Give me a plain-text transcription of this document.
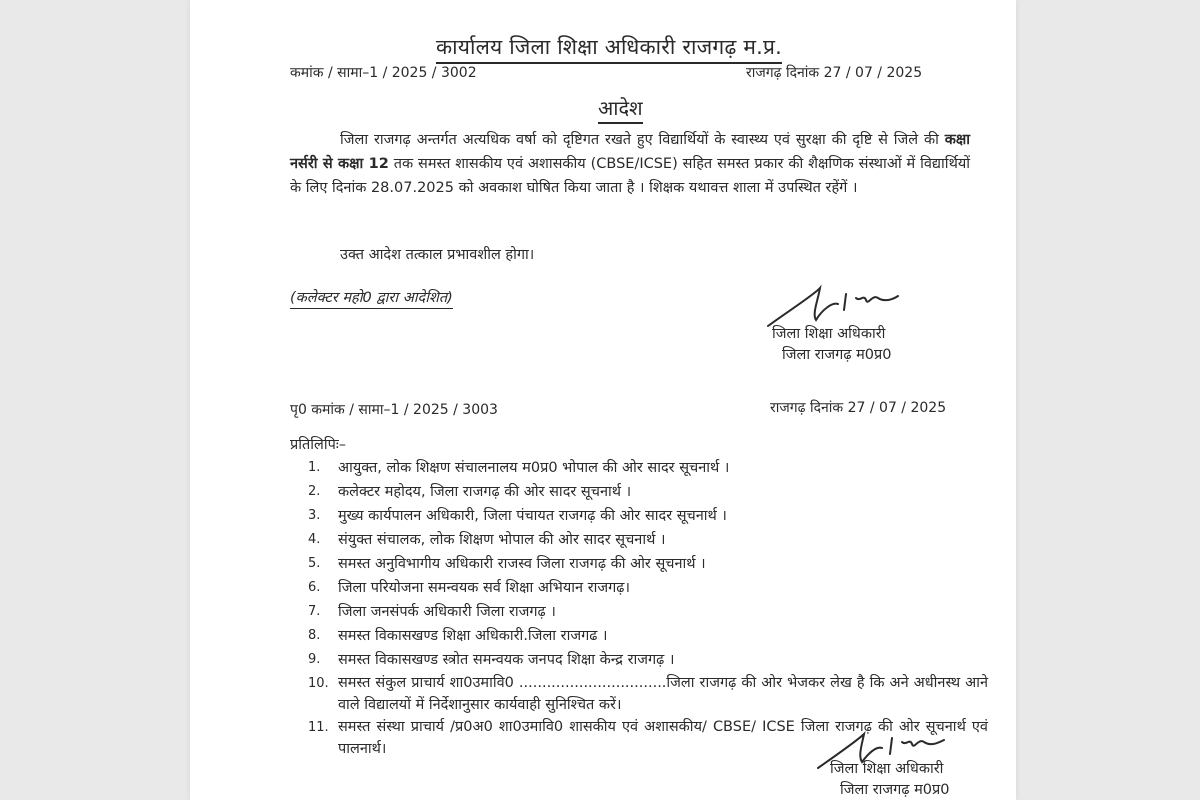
कार्यालय जिला शिक्षा अधिकारी राजगढ़ म.प्र.
कमांक / सामा–1 / 2025 / 3002	राजगढ़ दिनांक 27 / 07 / 2025
आदेश
जिला राजगढ़ अन्तर्गत अत्यधिक वर्षा को दृष्टिगत रखते हुए विद्यार्थियों के स्वास्थ्य एवं सुरक्षा की दृष्टि से जिले की कक्षा नर्सरी से कक्षा 12 तक समस्त शासकीय एवं अशासकीय (CBSE/ICSE) सहित समस्त प्रकार की शैक्षणिक संस्थाओं में विद्यार्थियों के लिए दिनांक 28.07.2025 को अवकाश घोषित किया जाता है । शिक्षक यथावत्त शाला में उपस्थित रहेंगें ।
उक्त आदेश तत्काल प्रभावशील होगा।
(कलेक्टर महो0 द्वारा आदेशित)
जिला शिक्षा अधिकारी
जिला राजगढ़ म0प्र0
पृ0 कमांक / सामा–1 / 2025 / 3003	राजगढ़ दिनांक 27 / 07 / 2025
प्रतिलिपिः–
1.	आयुक्त, लोक शिक्षण संचालनालय म0प्र0 भोपाल की ओर सादर सूचनार्थ ।
2.	कलेक्टर महोदय, जिला राजगढ़ की ओर सादर सूचनार्थ ।
3.	मुख्य कार्यपालन अधिकारी, जिला पंचायत राजगढ़ की ओर सादर सूचनार्थ ।
4.	संयुक्त संचालक, लोक शिक्षण भोपाल की ओर सादर सूचनार्थ ।
5.	समस्त अनुविभागीय अधिकारी राजस्व जिला राजगढ़ की ओर सूचनार्थ ।
6.	जिला परियोजना समन्वयक सर्व शिक्षा अभियान राजगढ़।
7.	जिला जनसंपर्क अधिकारी जिला राजगढ़ ।
8.	समस्त विकासखण्ड शिक्षा अधिकारी.जिला राजगढ ।
9.	समस्त विकासखण्ड स्त्रोत समन्वयक जनपद शिक्षा केन्द्र राजगढ़ ।
10. समस्त संकुल प्राचार्य शा0उमावि0 ................................जिला राजगढ़ की ओर भेजकर लेख है कि अने अधीनस्थ आने वाले विद्यालयों में निर्देशानुसार कार्यवाही सुनिश्चित करें।
11. समस्त संस्था प्राचार्य /प्र0अ0 शा0उमावि0 शासकीय एवं अशासकीय/ CBSE/ ICSE जिला राजगढ़ की ओर सूचनार्थ एवं पालनार्थ।
जिला शिक्षा अधिकारी
जिला राजगढ़ म0प्र0
